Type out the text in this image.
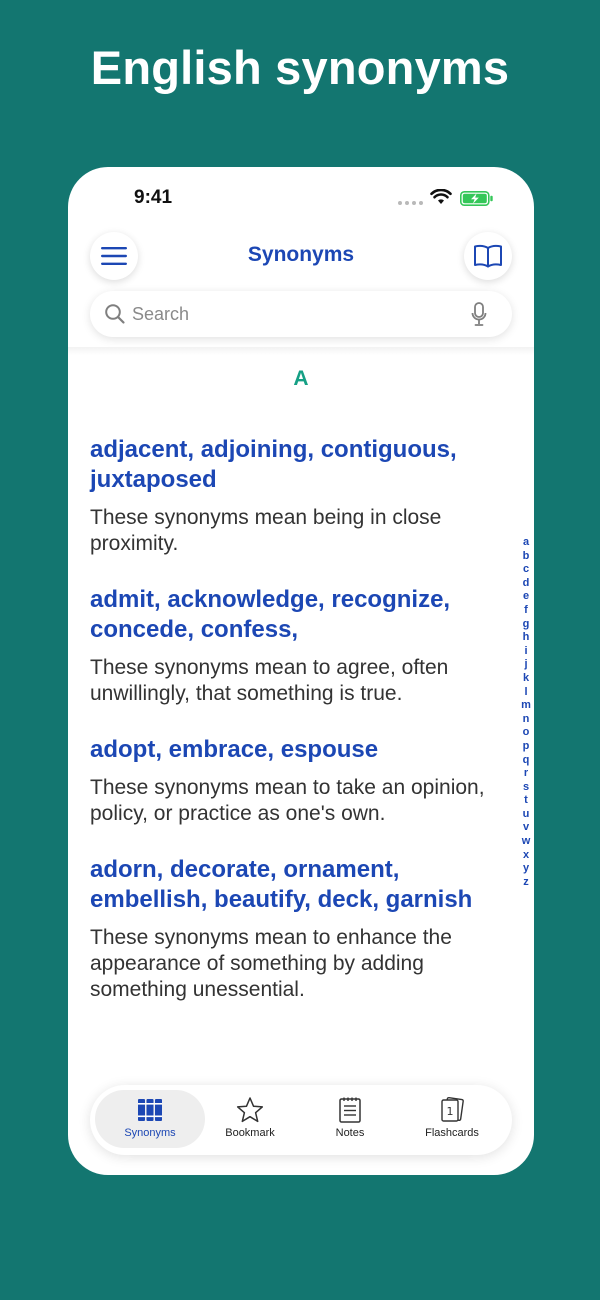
English synonyms
9:41
Synonyms
Search
A
adjacent, adjoining, contiguous, juxtaposed
These synonyms mean being in close proximity.
admit, acknowledge, recognize, concede, confess,
These synonyms mean to agree, often unwillingly, that something is true.
adopt, embrace, espouse
These synonyms mean to take an opinion, policy, or practice as one's own.
adorn, decorate, ornament, embellish, beautify, deck, garnish
These synonyms mean to enhance the appearance of something by adding something unessential.
a
b
c
d
e
f
g
h
i
j
k
l
m
n
o
p
q
r
s
t
u
v
w
x
y
z
Synonyms	Bookmark	Notes
1
Flashcards
